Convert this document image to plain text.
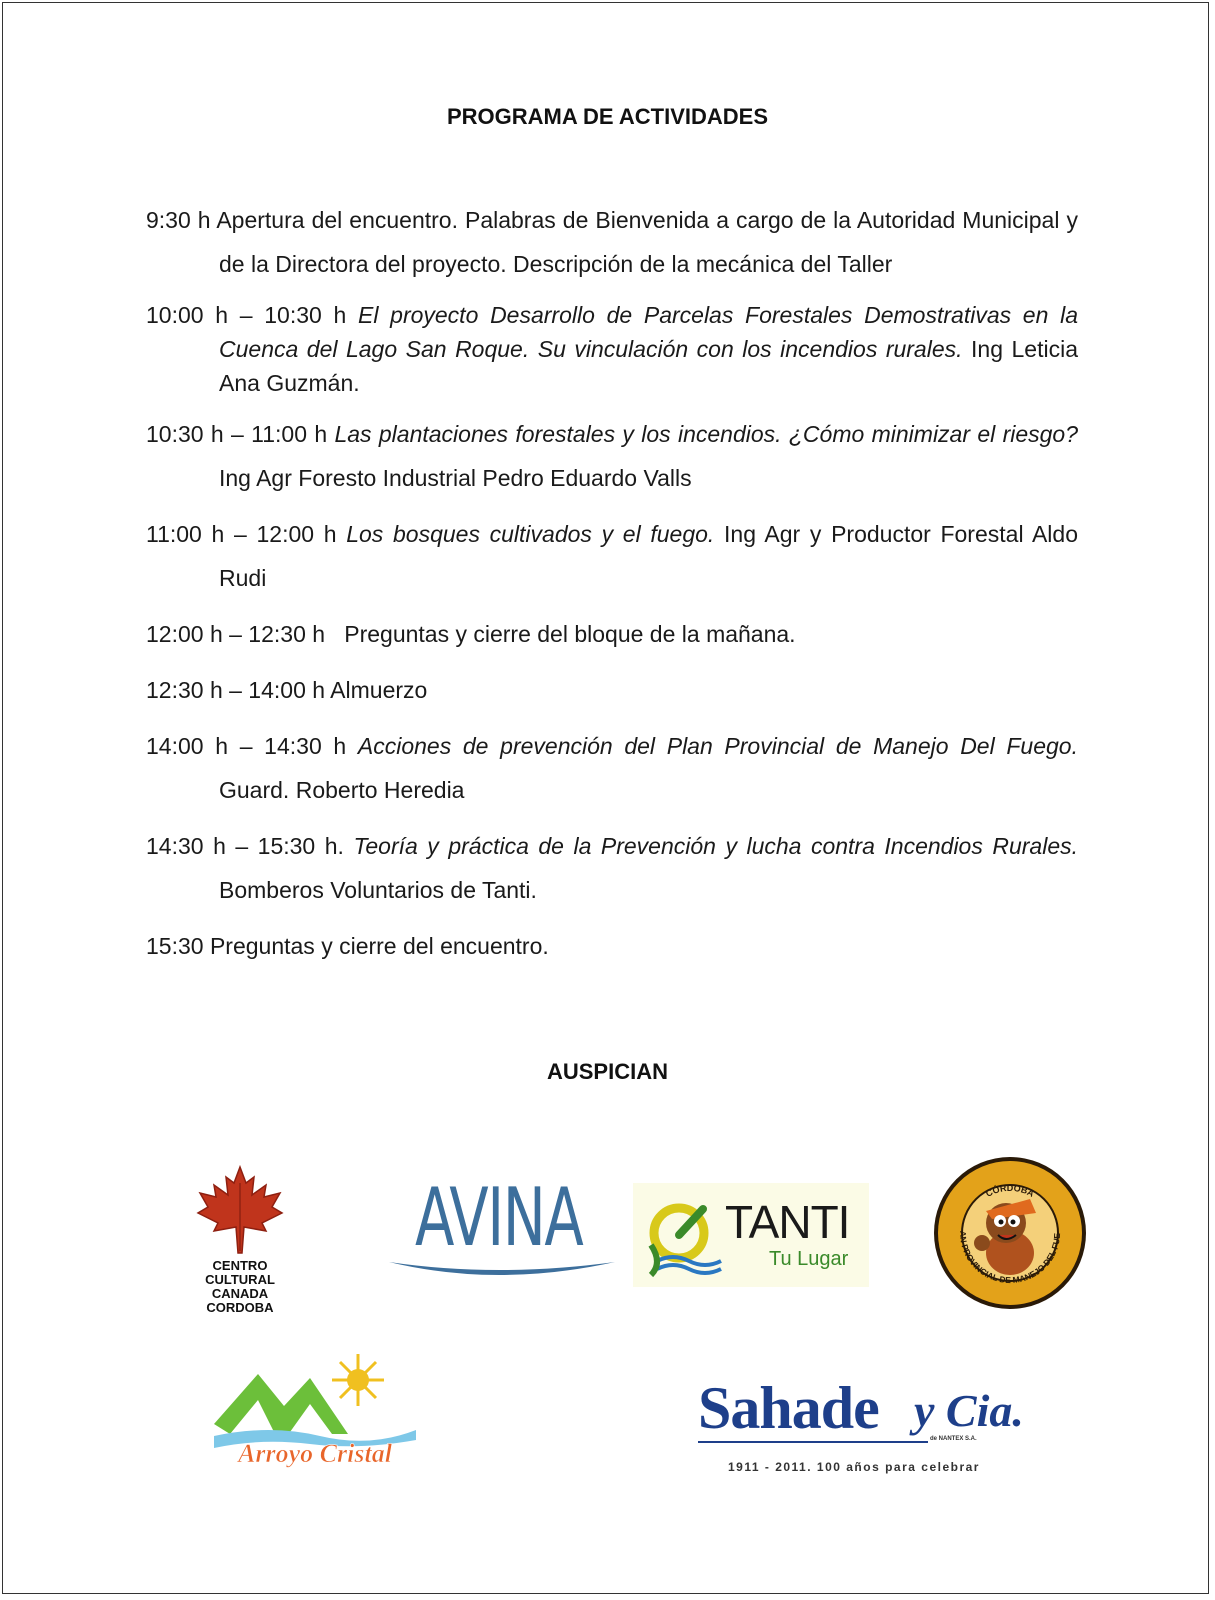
PROGRAMA DE ACTIVIDADES
9:30 h Apertura del encuentro. Palabras de Bienvenida a cargo de la Autoridad Municipal y de la Directora del proyecto. Descripción de la mecánica del Taller
10:00 h – 10:30 h El proyecto Desarrollo de Parcelas Forestales Demostrativas en la Cuenca del Lago San Roque. Su vinculación con los incendios rurales. Ing Leticia Ana Guzmán.
10:30 h – 11:00 h Las plantaciones forestales y los incendios. ¿Cómo minimizar el riesgo? Ing Agr Foresto Industrial Pedro Eduardo Valls
11:00 h – 12:00 h Los bosques cultivados y el fuego. Ing Agr y Productor Forestal Aldo Rudi
12:00 h – 12:30 h   Preguntas y cierre del bloque de la mañana.
12:30 h – 14:00 h Almuerzo
14:00 h – 14:30 h Acciones de prevención del Plan Provincial de Manejo Del Fuego. Guard. Roberto Heredia
14:30 h – 15:30 h. Teoría y práctica de la Prevención y lucha contra Incendios Rurales. Bomberos Voluntarios de Tanti.
15:30 Preguntas y cierre del encuentro.
AUSPICIAN
CENTRO
CULTURAL
CANADA
CORDOBA
AVINA	TANTI
Tu Lugar
CÓRDOBA
AN PROVINCIAL DE MANEJO DEL FUE
Arroyo Cristal
Sahade y Cia.
de NANTEX S.A.
1911 - 2011. 100 años para celebrar
